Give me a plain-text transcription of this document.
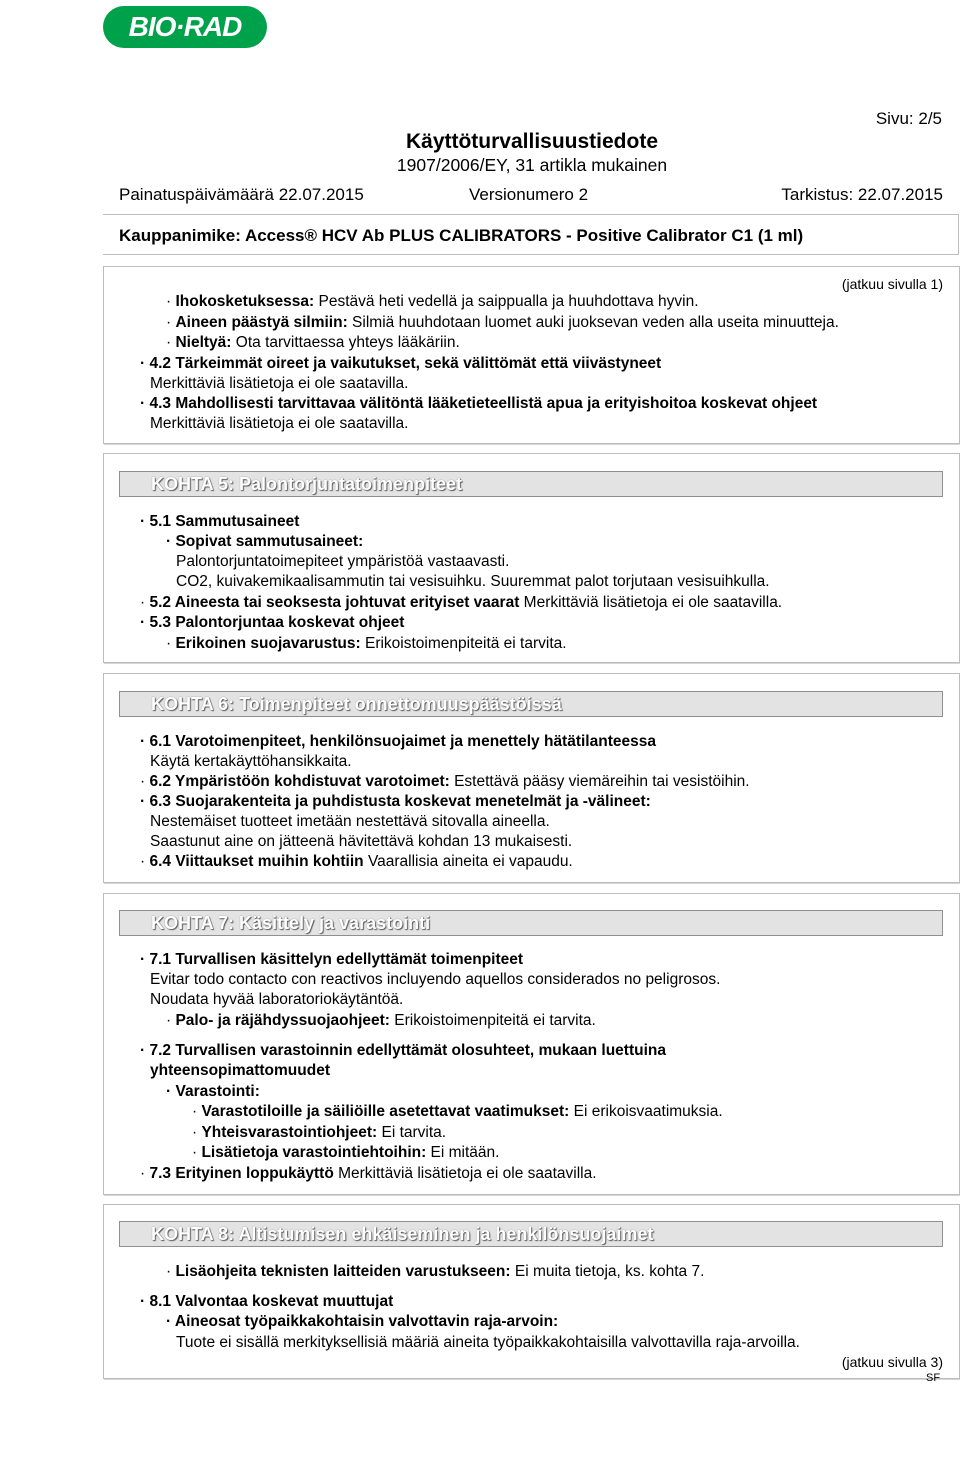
BIO·RAD
Sivu: 2/5
Käyttöturvallisuustiedote
1907/2006/EY, 31 artikla mukainen
Painatuspäivämäärä 22.07.2015	Versionumero 2	Tarkistus: 22.07.2015
Kauppanimike: Access® HCV Ab PLUS CALIBRATORS - Positive Calibrator C1 (1 ml)
(jatkuu sivulla 1)
· Ihokosketuksessa: Pestävä heti vedellä ja saippualla ja huuhdottava hyvin.
· Aineen päästyä silmiin: Silmiä huuhdotaan luomet auki juoksevan veden alla useita minuutteja.
· Nieltyä: Ota tarvittaessa yhteys lääkäriin.
· 4.2 Tärkeimmät oireet ja vaikutukset, sekä välittömät että viivästyneet
Merkittäviä lisätietoja ei ole saatavilla.
· 4.3 Mahdollisesti tarvittavaa välitöntä lääketieteellistä apua ja erityishoitoa koskevat ohjeet
Merkittäviä lisätietoja ei ole saatavilla.
KOHTA 5: Palontorjuntatoimenpiteet
· 5.1 Sammutusaineet
· Sopivat sammutusaineet:
Palontorjuntatoimepiteet ympäristöä vastaavasti.
CO2, kuivakemikaalisammutin tai vesisuihku. Suuremmat palot torjutaan vesisuihkulla.
· 5.2 Aineesta tai seoksesta johtuvat erityiset vaarat Merkittäviä lisätietoja ei ole saatavilla.
· 5.3 Palontorjuntaa koskevat ohjeet
· Erikoinen suojavarustus: Erikoistoimenpiteitä ei tarvita.
KOHTA 6: Toimenpiteet onnettomuuspäästöissä
· 6.1 Varotoimenpiteet, henkilönsuojaimet ja menettely hätätilanteessa
Käytä kertakäyttöhansikkaita.
· 6.2 Ympäristöön kohdistuvat varotoimet: Estettävä pääsy viemäreihin tai vesistöihin.
· 6.3 Suojarakenteita ja puhdistusta koskevat menetelmät ja -välineet:
Nestemäiset tuotteet imetään nestettävä sitovalla aineella.
Saastunut aine on jätteenä hävitettävä kohdan 13 mukaisesti.
· 6.4 Viittaukset muihin kohtiin Vaarallisia aineita ei vapaudu.
KOHTA 7: Käsittely ja varastointi
· 7.1 Turvallisen käsittelyn edellyttämät toimenpiteet
Evitar todo contacto con reactivos incluyendo aquellos considerados no peligrosos.
Noudata hyvää laboratoriokäytäntöä.
· Palo- ja räjähdyssuojaohjeet: Erikoistoimenpiteitä ei tarvita.
· 7.2 Turvallisen varastoinnin edellyttämät olosuhteet, mukaan luettuina
yhteensopimattomuudet
· Varastointi:
· Varastotiloille ja säiliöille asetettavat vaatimukset: Ei erikoisvaatimuksia.
· Yhteisvarastointiohjeet: Ei tarvita.
· Lisätietoja varastointiehtoihin: Ei mitään.
· 7.3 Erityinen loppukäyttö Merkittäviä lisätietoja ei ole saatavilla.
KOHTA 8: Altistumisen ehkäiseminen ja henkilönsuojaimet
· Lisäohjeita teknisten laitteiden varustukseen: Ei muita tietoja, ks. kohta 7.
· 8.1 Valvontaa koskevat muuttujat
· Aineosat työpaikkakohtaisin valvottavin raja-arvoin:
Tuote ei sisällä merkityksellisiä määriä aineita työpaikkakohtaisilla valvottavilla raja-arvoilla.
(jatkuu sivulla 3)
SF
